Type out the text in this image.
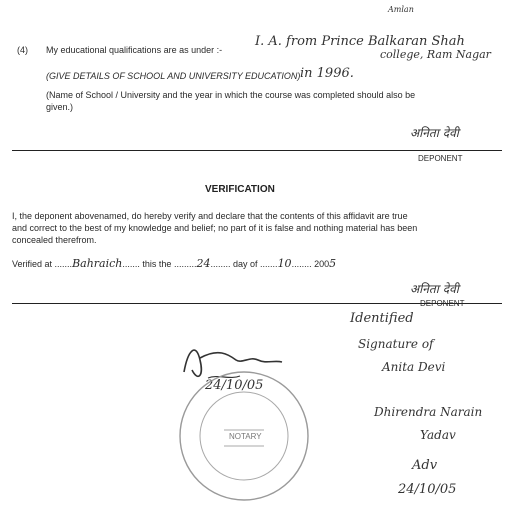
(4) My educational qualifications are as under :-
I. A. from Prince Balkaran Shah
Amlan
college, Ram Nagar
(GIVE DETAILS OF SCHOOL AND UNIVERSITY EDUCATION) in 1996.
(Name of School / University and the year in which the course was completed should also be
given.)
अनिता देवी
DEPONENT
VERIFICATION
I, the deponent abovenamed, do hereby verify and declare that the contents of this affidavit are true
and correct to the best of my knowledge and belief; no part of it is false and nothing material has been
concealed therefrom.
Verified at .......Bahraich....... this the .........24........ day of .......10........ 2005
अनिता देवी
DEPONENT
Identified
Signature of
Anita Devi
Dhirendra Narain
Yadav
Adv
24/10/05
24/10/05
NOTARY
